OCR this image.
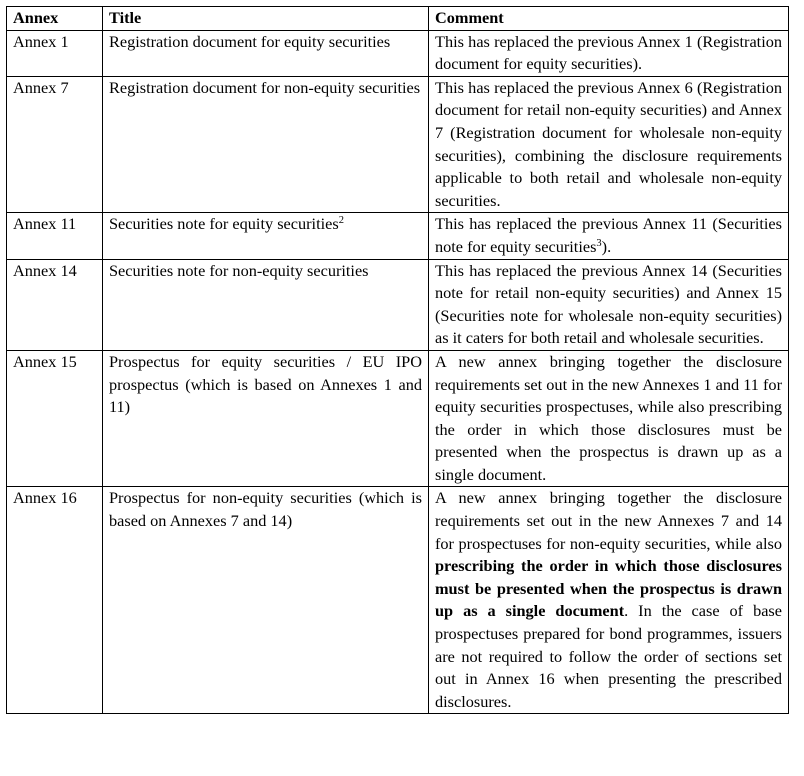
Annex	Title	Comment
Annex 1	Registration document for equity securities	This has replaced the previous Annex 1 (Registration document for equity securities).
Annex 7	Registration document for non-equity securities	This has replaced the previous Annex 6 (Registration document for retail non-equity securities) and Annex 7 (Registration document for wholesale non-equity securities), combining the disclosure requirements applicable to both retail and wholesale non-equity securities.
Annex 11	Securities note for equity securities$^2$	This has replaced the previous Annex 11 (Securities note for equity securities$^3$).
Annex 14	Securities note for non-equity securities	This has replaced the previous Annex 14 (Securities note for retail non-equity securities) and Annex 15 (Securities note for wholesale non-equity securities) as it caters for both retail and wholesale securities.
Annex 15	Prospectus for equity securities / EU IPO prospectus (which is based on Annexes 1 and 11)	A new annex bringing together the disclosure requirements set out in the new Annexes 1 and 11 for equity securities prospectuses, while also prescribing the order in which those disclosures must be presented when the prospectus is drawn up as a single document.
Annex 16	Prospectus for non-equity securities (which is based on Annexes 7 and 14)	A new annex bringing together the disclosure requirements set out in the new Annexes 7 and 14 for prospectuses for non-equity securities, while also prescribing the order in which those disclosures must be presented when the prospectus is drawn up as a single document. In the case of base prospectuses prepared for bond programmes, issuers are not required to follow the order of sections set out in Annex 16 when presenting the prescribed disclosures.
